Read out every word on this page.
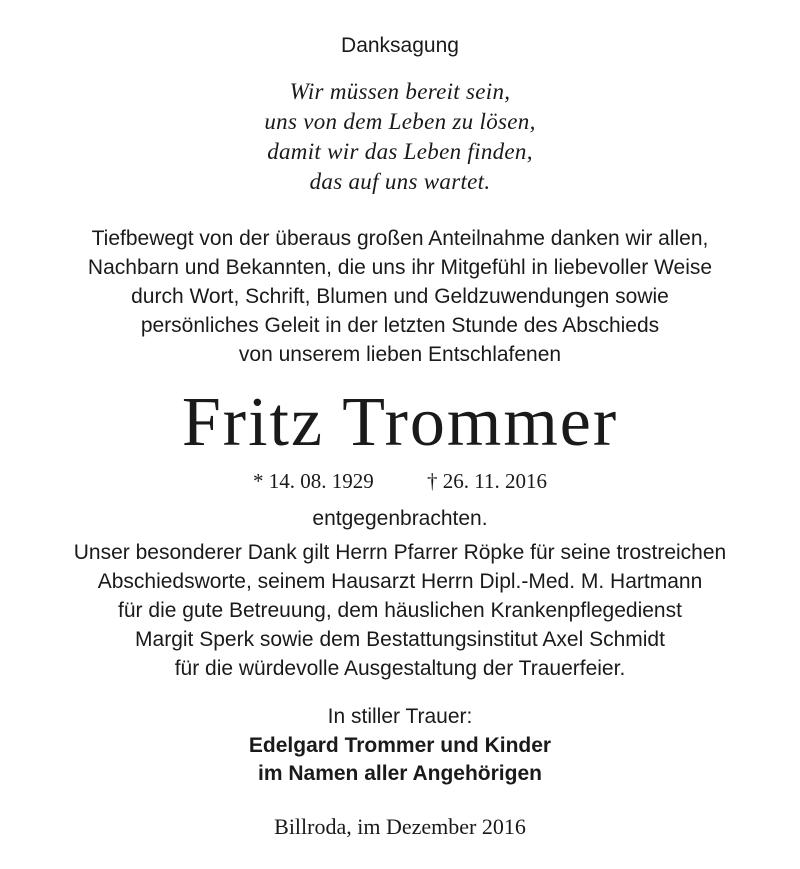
Danksagung
Wir müssen bereit sein,
uns von dem Leben zu lösen,
damit wir das Leben finden,
das auf uns wartet.
Tiefbewegt von der überaus großen Anteilnahme danken wir allen,
Nachbarn und Bekannten, die uns ihr Mitgefühl in liebevoller Weise
durch Wort, Schrift, Blumen und Geldzuwendungen sowie
persönliches Geleit in der letzten Stunde des Abschieds
von unserem lieben Entschlafenen
Fritz Trommer
* 14. 08. 1929	† 26. 11. 2016
entgegenbrachten.
Unser besonderer Dank gilt Herrn Pfarrer Röpke für seine trostreichen
Abschiedsworte, seinem Hausarzt Herrn Dipl.-Med. M. Hartmann
für die gute Betreuung, dem häuslichen Krankenpflegedienst
Margit Sperk sowie dem Bestattungsinstitut Axel Schmidt
für die würdevolle Ausgestaltung der Trauerfeier.
In stiller Trauer:
Edelgard Trommer und Kinder
im Namen aller Angehörigen
Billroda, im Dezember 2016
